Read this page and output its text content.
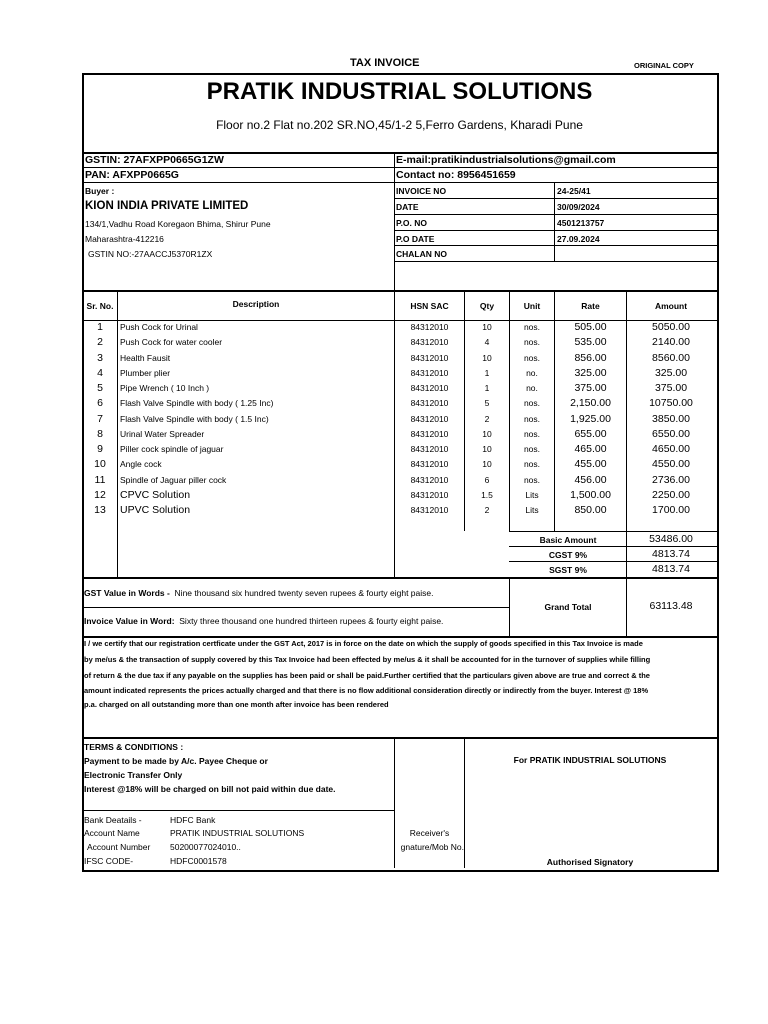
TAX INVOICE	ORIGINAL COPY
PRATIK INDUSTRIAL SOLUTIONS
Floor no.2 Flat no.202 SR.NO,45/1-2 5,Ferro Gardens, Kharadi Pune
GSTIN: 27AFXPP0665G1ZW
PAN: AFXPP0665G
E-mail:pratikindustrialsolutions@gmail.com
Contact no: 8956451659
Buyer :
KION INDIA PRIVATE LIMITED
134/1,Vadhu Road Koregaon Bhima, Shirur Pune
Maharashtra-412216
GSTIN NO:-27AACCJ5370R1ZX
INVOICE NO	24-25/41
DATE	30/09/2024
P.O. NO	4501213757
P.O DATE	27.09.2024
CHALAN NO
Sr. No.	Description	HSN SAC	Qty	Unit	Rate	Amount
1	Push Cock for Urinal	84312010	10	nos.	505.00	5050.00
2	Push Cock for water cooler	84312010	4	nos.	535.00	2140.00
3	Health Fausit	84312010	10	nos.	856.00	8560.00
4	Plumber plier	84312010	1	no.	325.00	325.00
5	Pipe Wrench ( 10 Inch )	84312010	1	no.	375.00	375.00
6	Flash Valve Spindle with body ( 1.25 Inc)	84312010	5	nos.	2,150.00	10750.00
7	Flash Valve Spindle with body ( 1.5 Inc)	84312010	2	nos.	1,925.00	3850.00
8	Urinal Water Spreader	84312010	10	nos.	655.00	6550.00
9	Piller cock spindle of jaguar	84312010	10	nos.	465.00	4650.00
10	Angle cock	84312010	10	nos.	455.00	4550.00
11	Spindle of Jaguar piller cock	84312010	6	nos.	456.00	2736.00
12	CPVC Solution	84312010	1.5	Lits	1,500.00	2250.00
13	UPVC Solution	84312010	2	Lits	850.00	1700.00
Basic Amount	53486.00
CGST 9%	4813.74
SGST 9%	4813.74
Grand Total	63113.48
GST Value in Words - Nine thousand six hundred twenty seven rupees & fourty eight paise.
Invoice Value in Word: Sixty three thousand one hundred thirteen rupees & fourty eight paise.
I / we certify that our registration certficate under the GST Act, 2017 is in force on the date on which the supply of goods specified in this Tax Invoice is made
by me/us & the transaction of supply covered by this Tax Invoice had been effected by me/us & it shall be accounted for in the turnover of supplies while filling
of return & the due tax if any payable on the supplies has been paid or shall be paid.Further certified that the particulars given above are true and correct & the
amount indicated represents the prices actually charged and that there is no flow additional consideration directly or indirectly from the buyer. Interest @ 18%
p.a. charged on all outstanding more than one month after invoice has been rendered
TERMS & CONDITIONS :
Payment to be made by A/c. Payee Cheque or
Electronic Transfer Only
Interest @18% will be charged on bill not paid within due date.
For PRATIK INDUSTRIAL SOLUTIONS
Bank Deatails -	HDFC Bank
Account Name	PRATIK INDUSTRIAL SOLUTIONS
Account Number 50200077024010..
IFSC CODE-	HDFC0001578
Receiver's
gnature/Mob No.
Authorised Signatory
